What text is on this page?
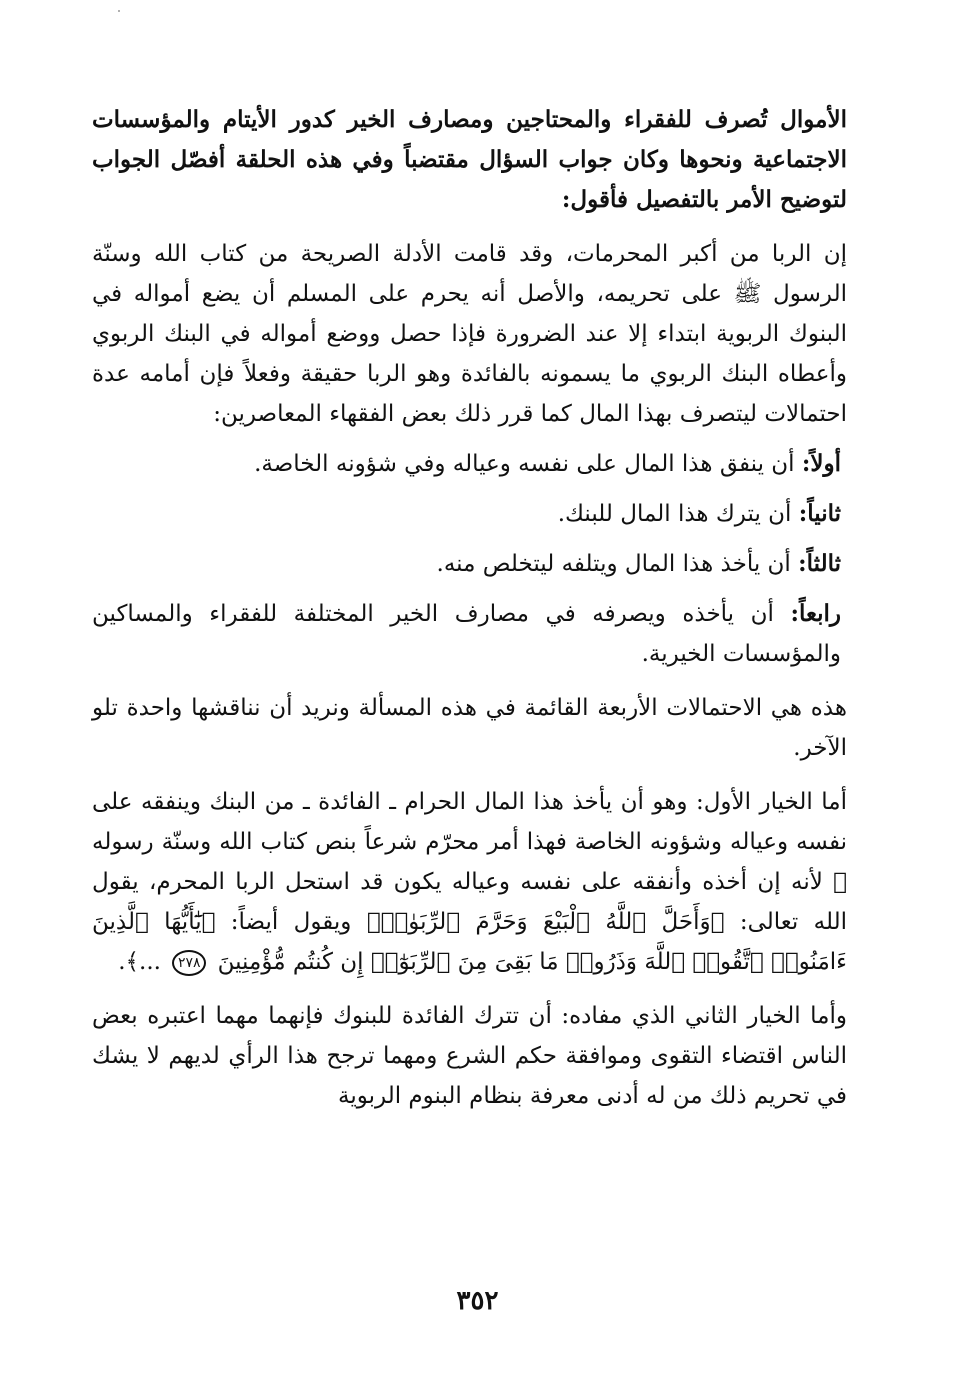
الأموال تُصرف للفقراء والمحتاجين ومصارف الخير كدور الأيتام والمؤسسات الاجتماعية ونحوها وكان جواب السؤال مقتضباً وفي هذه الحلقة أفصّل الجواب لتوضيح الأمر بالتفصيل فأقول:

إن الربا من أكبر المحرمات، وقد قامت الأدلة الصريحة من كتاب الله وسنّة الرسول ﷺ على تحريمه، والأصل أنه يحرم على المسلم أن يضع أمواله في البنوك الربوية ابتداء إلا عند الضرورة فإذا حصل ووضع أمواله في البنك الربوي وأعطاه البنك الربوي ما يسمونه بالفائدة وهو الربا حقيقة وفعلاً فإن أمامه عدة احتمالات ليتصرف بهذا المال كما قرر ذلك بعض الفقهاء المعاصرين:

أولاً: أن ينفق هذا المال على نفسه وعياله وفي شؤونه الخاصة.

ثانياً: أن يترك هذا المال للبنك.

ثالثاً: أن يأخذ هذا المال ويتلفه ليتخلص منه.

رابعاً: أن يأخذه ويصرفه في مصارف الخير المختلفة للفقراء والمساكين والمؤسسات الخيرية.

هذه هي الاحتمالات الأربعة القائمة في هذه المسألة ونريد أن نناقشها واحدة تلو الآخر.

أما الخيار الأول: وهو أن يأخذ هذا المال الحرام ـ الفائدة ـ من البنك وينفقه على نفسه وعياله وشؤونه الخاصة فهذا أمر محرّم شرعاً بنص كتاب الله وسنّة رسوله ﷺ لأنه إن أخذه وأنفقه على نفسه وعياله يكون قد استحل الربا المحرم، يقول الله تعالى: ﴿وَأَحَلَّ ٱللَّهُ ٱلْبَيْعَ وَحَرَّمَ ٱلرِّبَوٰا۟﴾ ويقول أيضاً: ﴿يَٰٓأَيُّهَا ٱلَّذِينَ ءَامَنُوا۟ ٱتَّقُوا۟ ٱللَّهَ وَذَرُوا۟ مَا بَقِىَ مِنَ ٱلرِّبَوٰٓا۟ إِن كُنتُم مُّؤْمِنِينَ ٢٧٨ ...﴾.

وأما الخيار الثاني الذي مفاده: أن تترك الفائدة للبنوك فإنهما مهما اعتبره بعض الناس اقتضاء التقوى وموافقة حكم الشرع ومهما ترجح هذا الرأي لديهم لا يشك في تحريم ذلك من له أدنى معرفة بنظام البنوم الربوية

٣٥٢
